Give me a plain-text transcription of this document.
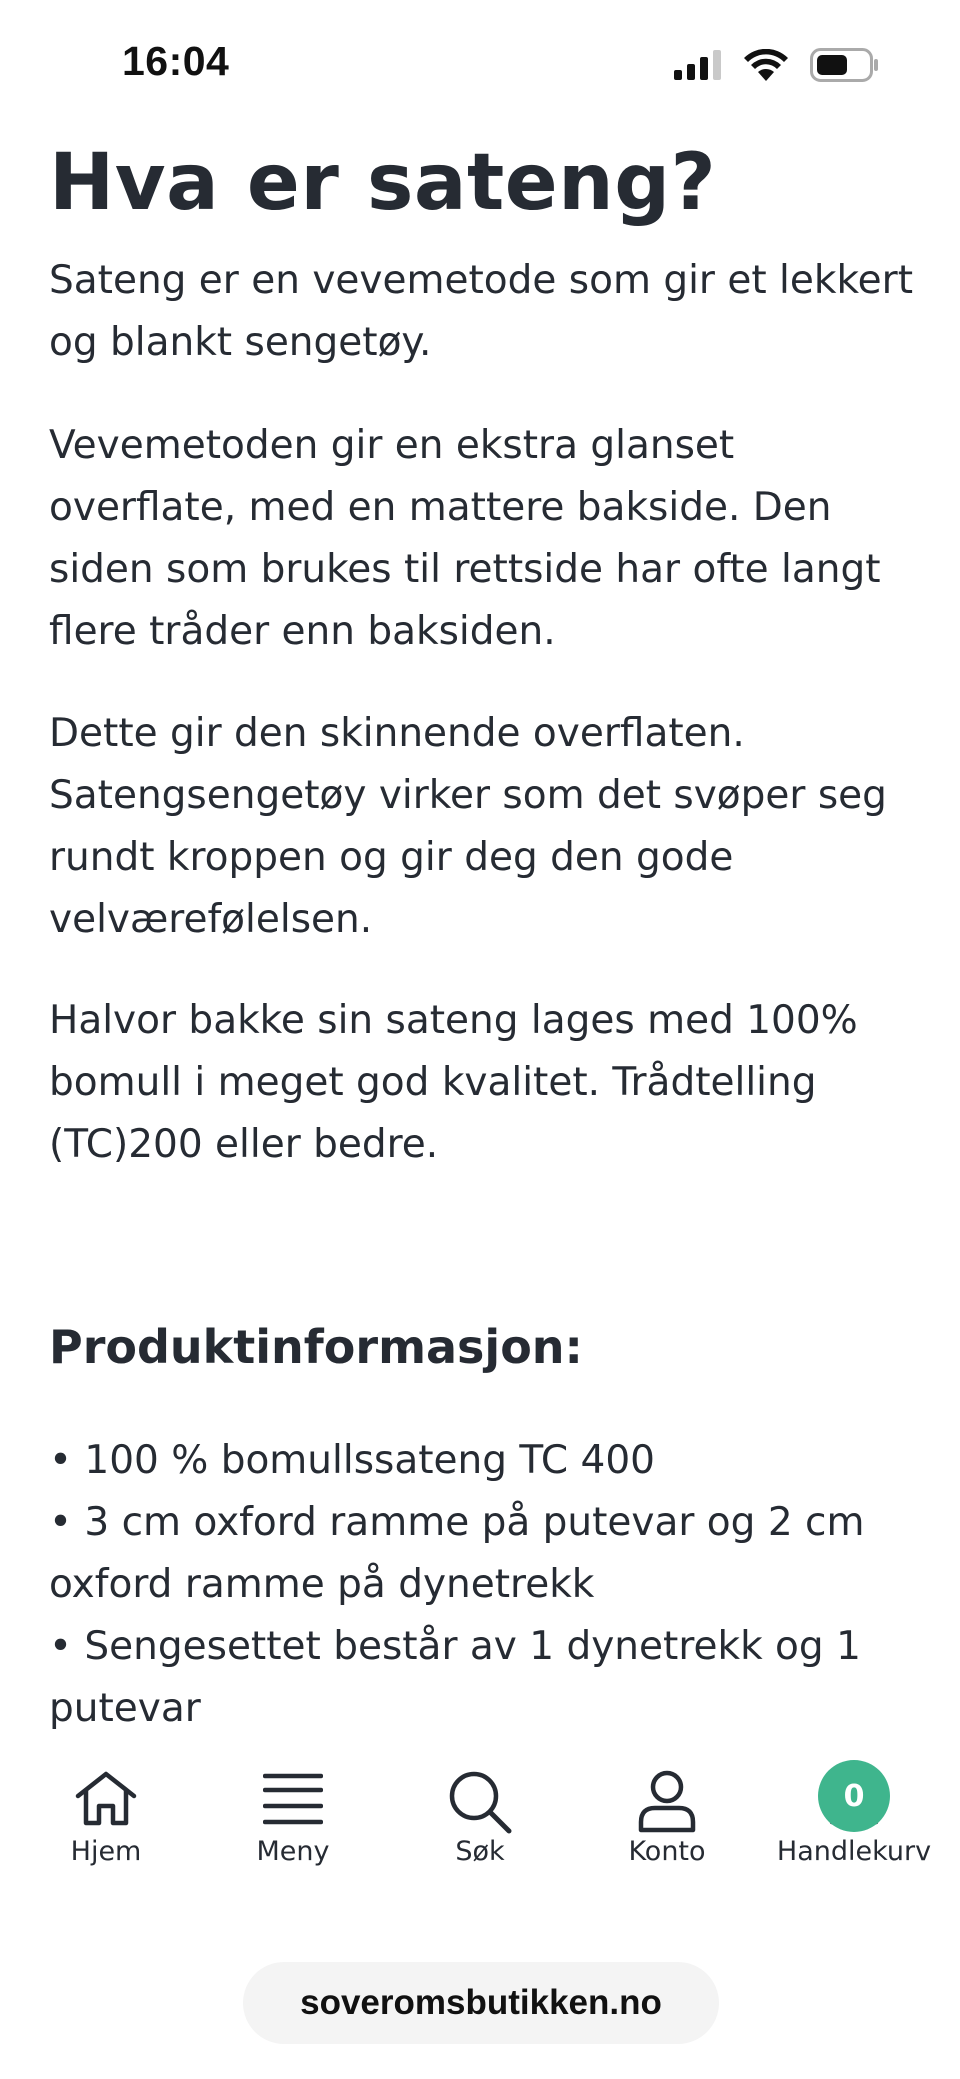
16:04
Hva er sateng?

Sateng er en vevemetode som gir et lekkert og blankt sengetøy.

Vevemetoden gir en ekstra glanset overflate, med en mattere bakside. Den siden som brukes til rettside har ofte langt flere tråder enn baksiden.

Dette gir den skinnende overflaten. Satengsengetøy virker som det svøper seg rundt kroppen og gir deg den gode velværefølelsen.

Halvor bakke sin sateng lages med 100% bomull i meget god kvalitet. Trådtelling (TC)200 eller bedre.

Produktinformasjon:
• 100 % bomullssateng TC 400
• 3 cm oxford ramme på putevar og 2 cm oxford ramme på dynetrekk
• Sengesettet består av 1 dynetrekk og 1 putevar
Hjem	Meny	Søk	Konto
0
Handlekurv
soveromsbutikken.no
